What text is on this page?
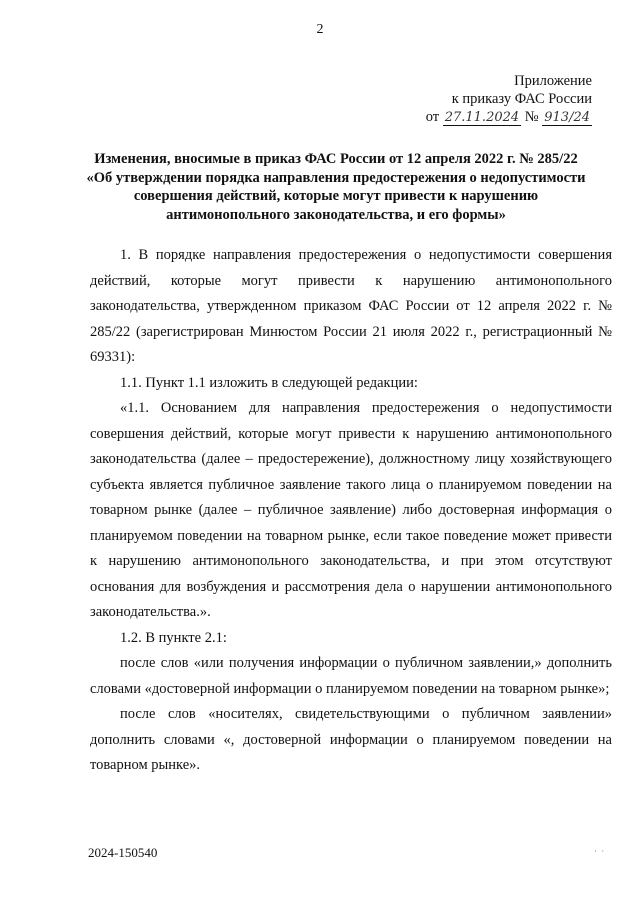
2
Приложение
к приказу ФАС России
от 27.11.2024 № 913/24
Изменения, вносимые в приказ ФАС России от 12 апреля 2022 г. № 285/22
«Об утверждении порядка направления предостережения о недопустимости
совершения действий, которые могут привести к нарушению
антимонопольного законодательства, и его формы»

1. В порядке направления предостережения о недопустимости совершения действий, которые могут привести к нарушению антимонопольного законодательства, утвержденном приказом ФАС России от 12 апреля 2022 г. № 285/22 (зарегистрирован Минюстом России 21 июля 2022 г., регистрационный № 69331):

1.1. Пункт 1.1 изложить в следующей редакции:

«1.1. Основанием для направления предостережения о недопустимости совершения действий, которые могут привести к нарушению антимонопольного законодательства (далее – предостережение), должностному лицу хозяйствующего субъекта является публичное заявление такого лица о планируемом поведении на товарном рынке (далее – публичное заявление) либо достоверная информация о планируемом поведении на товарном рынке, если такое поведение может привести к нарушению антимонопольного законодательства, и при этом отсутствуют основания для возбуждения и рассмотрения дела о нарушении антимонопольного законодательства.».

1.2. В пункте 2.1:

после слов «или получения информации о публичном заявлении,» дополнить словами «достоверной информации о планируемом поведении на товарном рынке»;

после слов «носителях, свидетельствующими о публичном заявлении» дополнить словами «, достоверной информации о планируемом поведении на товарном рынке».

2024-150540	· ·
